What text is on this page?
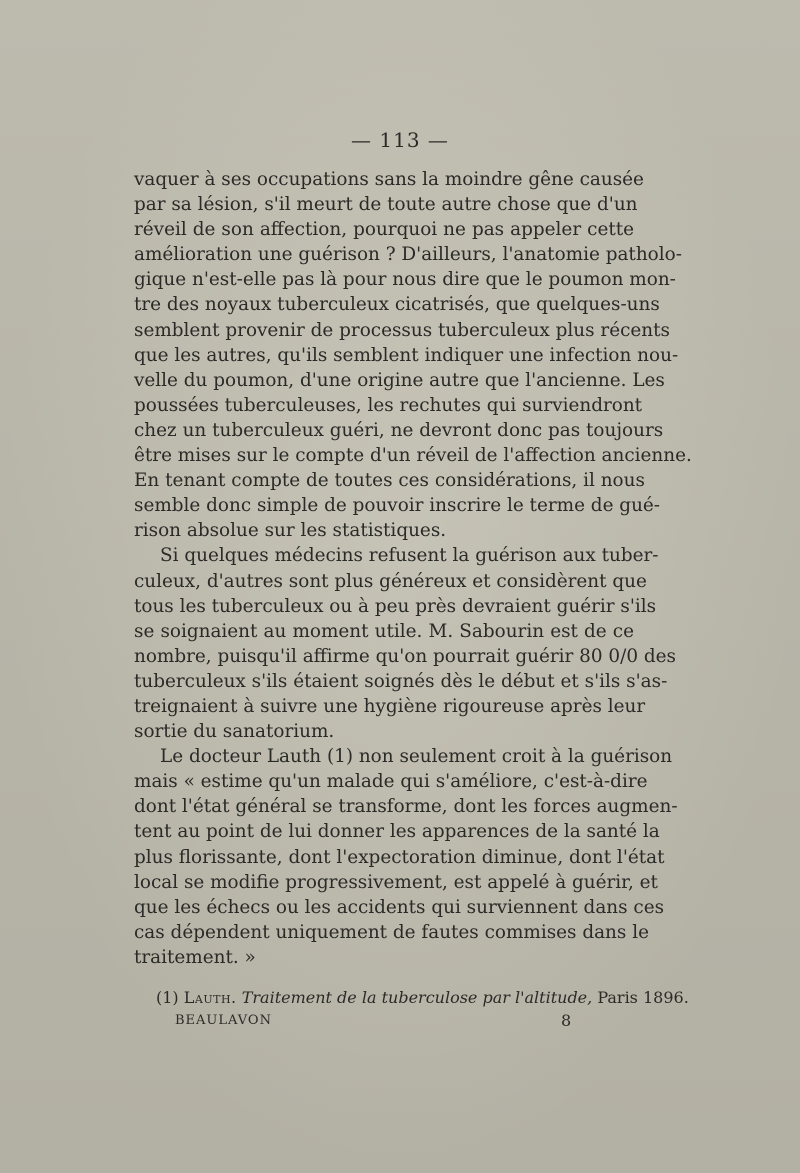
— 113 —
vaquer à ses occupations sans la moindre gêne causée
par sa lésion, s'il meurt de toute autre chose que d'un
réveil de son affection, pourquoi ne pas appeler cette
amélioration une guérison ? D'ailleurs, l'anatomie patholo-
gique n'est-elle pas là pour nous dire que le poumon mon-
tre des noyaux tuberculeux cicatrisés, que quelques-uns
semblent provenir de processus tuberculeux plus récents
que les autres, qu'ils semblent indiquer une infection nou-
velle du poumon, d'une origine autre que l'ancienne. Les
poussées tuberculeuses, les rechutes qui surviendront
chez un tuberculeux guéri, ne devront donc pas toujours
être mises sur le compte d'un réveil de l'affection ancienne.
En tenant compte de toutes ces considérations, il nous
semble donc simple de pouvoir inscrire le terme de gué-
rison absolue sur les statistiques.
Si quelques médecins refusent la guérison aux tuber-
culeux, d'autres sont plus généreux et considèrent que
tous les tuberculeux ou à peu près devraient guérir s'ils
se soignaient au moment utile. M. Sabourin est de ce
nombre, puisqu'il affirme qu'on pourrait guérir 80 0/0 des
tuberculeux s'ils étaient soignés dès le début et s'ils s'as-
treignaient à suivre une hygiène rigoureuse après leur
sortie du sanatorium.
Le docteur Lauth (1) non seulement croit à la guérison
mais « estime qu'un malade qui s'améliore, c'est-à-dire
dont l'état général se transforme, dont les forces augmen-
tent au point de lui donner les apparences de la santé la
plus florissante, dont l'expectoration diminue, dont l'état
local se modifie progressivement, est appelé à guérir, et
que les échecs ou les accidents qui surviennent dans ces
cas dépendent uniquement de fautes commises dans le
traitement. »
(1) Lauth. Traitement de la tuberculose par l'altitude, Paris 1896.
BEAULAVON	8
